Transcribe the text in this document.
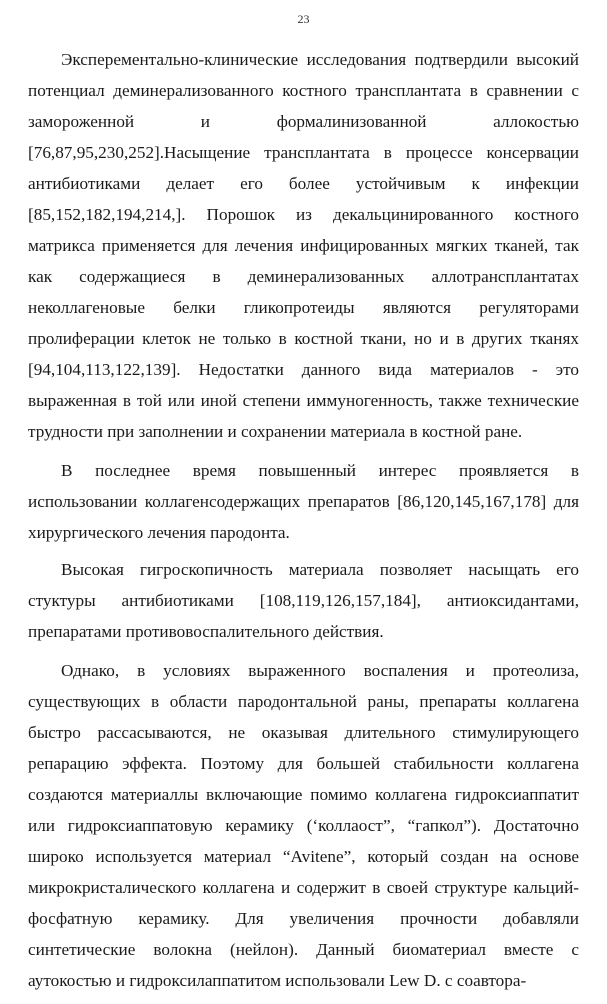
23

Эксперементально-клинические исследования подтвердили высокий потенциал деминерализованного костного трансплантата в сравнении с замороженной и формалинизованной аллокостью [76,87,95,230,252].Насыщение трансплантата в процессе консервации антибиотиками делает его более устойчивым к инфекции [85,152,182,194,214,]. Порошок из декальцинированного костного матрикса применяется для лечения инфицированных мягких тканей, так как содержащиеся в деминерализованных аллотрансплантатах неколлагеновые белки гликопротеиды являются регуляторами пролиферации клеток не только в костной ткани, но и в других тканях [94,104,113,122,139]. Недостатки данного вида материалов - это выраженная в той или иной степени иммуногенность, также технические трудности при заполнении и сохранении материала в костной ране.

В последнее время повышенный интерес проявляется в использовании коллагенсодержащих препаратов [86,120,145,167,178] для хирургического лечения пародонта.

Высокая гигроскопичность материала позволяет насыщать его стуктуры антибиотиками [108,119,126,157,184], антиоксидантами, препаратами противовоспалительного действия.

Однако, в условиях выраженного воспаления и протеолиза, существующих в области пародонтальной раны, препараты коллагена быстро рассасываются, не оказывая длительного стимулирующего репарацию эффекта. Поэтому для большей стабильности коллагена создаются материаллы включающие помимо коллагена гидроксиаппатит или гидроксиаппатовую керамику (‘коллаост”, “гапкол”). Достаточно широко используется материал “Avitene”, который создан на основе микрокристалического коллагена и содержит в своей структуре кальций-фосфатную керамику. Для увеличения прочности добавляли синтетические волокна (нейлон). Данный биоматериал вместе с аутокостью и гидроксилаппатитом использовали Lew D. с соавтора-
